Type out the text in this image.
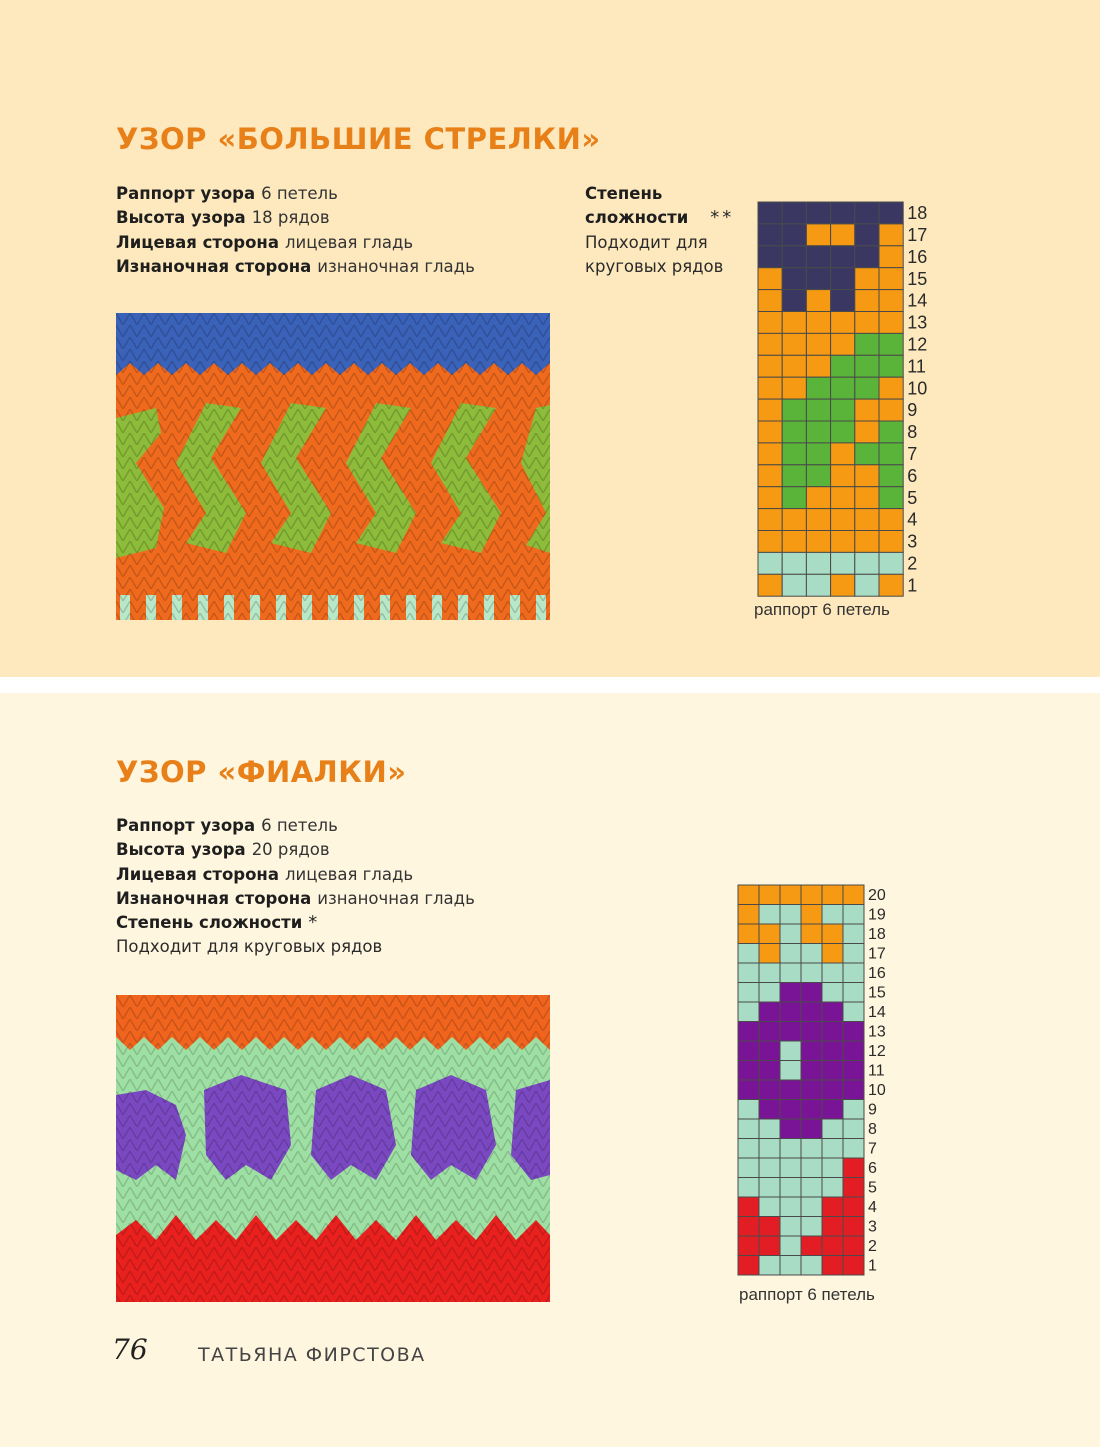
УЗОР «БОЛЬШИЕ СТРЕЛКИ»
Раппорт узора 6 петель
Высота узора 18 рядов
Лицевая сторона лицевая гладь
Изнаночная сторона изнаночная гладь
Степень
сложности **
Подходит для
круговых рядов
18
17
16
15
14
13
12
11
10
9
8
7
6
5
4
3
2
1
раппорт 6 петель
УЗОР «ФИАЛКИ»
Раппорт узора 6 петель
Высота узора 20 рядов
Лицевая сторона лицевая гладь
Изнаночная сторона изнаночная гладь
Степень сложности *
Подходит для круговых рядов
20
19
18
17
16
15
14
13
12
11
10
9
8
7
6
5
4
3
2
1
раппорт 6 петель
76	ТАТЬЯНА ФИРСТОВА
